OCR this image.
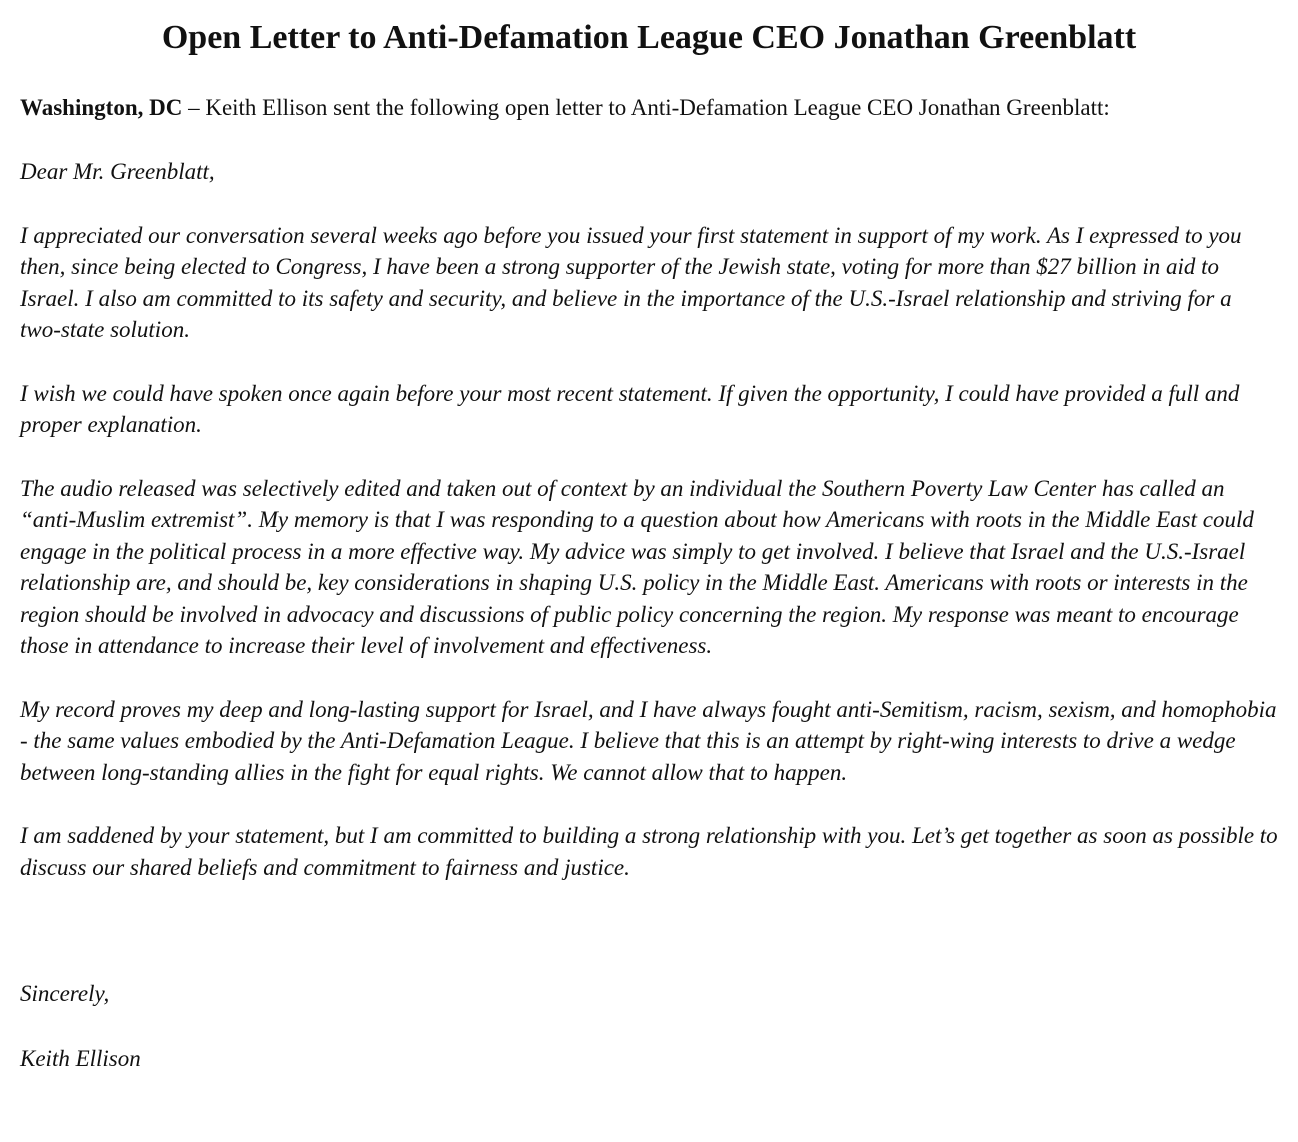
Open Letter to Anti-Defamation League CEO Jonathan Greenblatt

Washington, DC – Keith Ellison sent the following open letter to Anti-Defamation League CEO Jonathan Greenblatt:

Dear Mr. Greenblatt,

I appreciated our conversation several weeks ago before you issued your first statement in support of my work. As I expressed to you then, since being elected to Congress, I have been a strong supporter of the Jewish state, voting for more than $27 billion in aid to Israel. I also am committed to its safety and security, and believe in the importance of the U.S.-Israel relationship and striving for a two-state solution.

I wish we could have spoken once again before your most recent statement. If given the opportunity, I could have provided a full and proper explanation.

The audio released was selectively edited and taken out of context by an individual the Southern Poverty Law Center has called an “anti-Muslim extremist”. My memory is that I was responding to a question about how Americans with roots in the Middle East could engage in the political process in a more effective way. My advice was simply to get involved. I believe that Israel and the U.S.-Israel relationship are, and should be, key considerations in shaping U.S. policy in the Middle East. Americans with roots or interests in the region should be involved in advocacy and discussions of public policy concerning the region. My response was meant to encourage those in attendance to increase their level of involvement and effectiveness.

My record proves my deep and long-lasting support for Israel, and I have always fought anti-Semitism, racism, sexism, and homophobia - the same values embodied by the Anti-Defamation League. I believe that this is an attempt by right-wing interests to drive a wedge between long-standing allies in the fight for equal rights. We cannot allow that to happen.

I am saddened by your statement, but I am committed to building a strong relationship with you. Let’s get together as soon as possible to discuss our shared beliefs and commitment to fairness and justice.

Sincerely,

Keith Ellison
